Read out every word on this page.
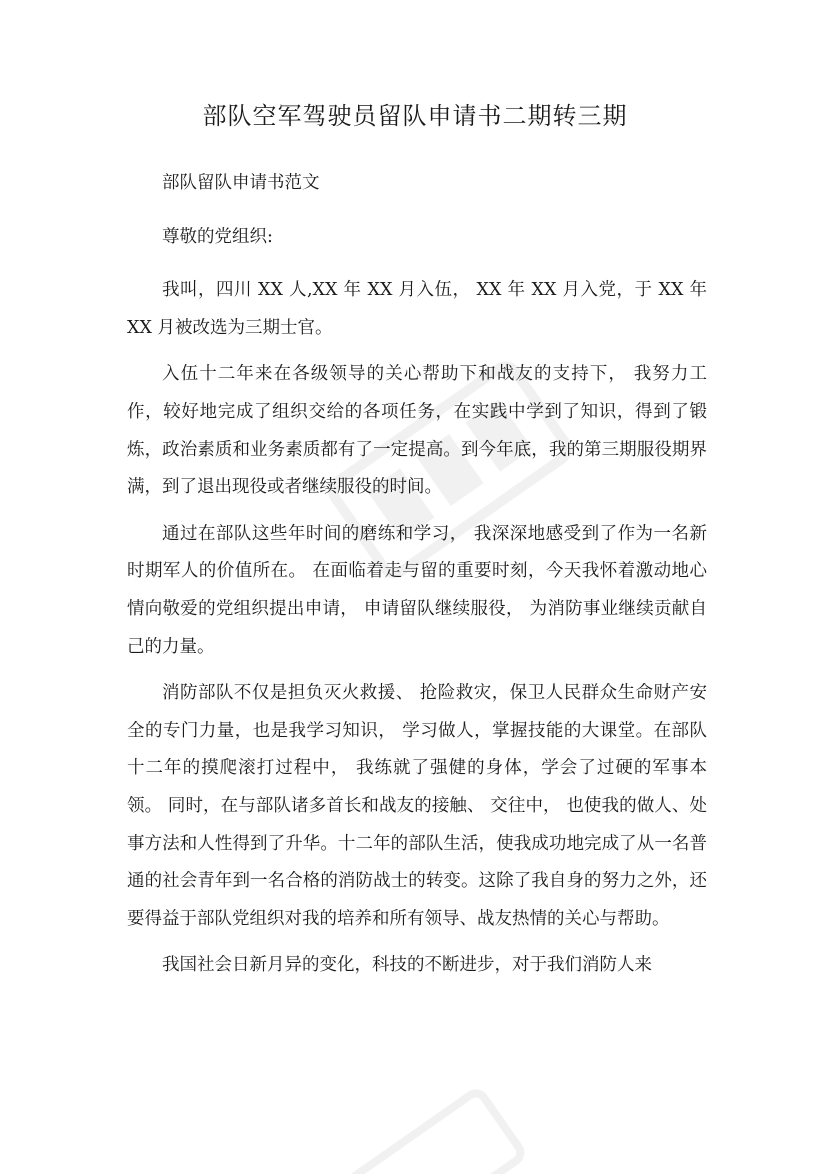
部队空军驾驶员留队申请书二期转三期

部队留队申请书范文

尊敬的党组织:

我叫，四川 XX 人,XX 年 XX 月入伍， XX 年 XX 月入党，于 XX 年 XX 月被改选为三期士官。

入伍十二年来在各级领导的关心帮助下和战友的支持下， 我努力工作，较好地完成了组织交给的各项任务，在实践中学到了知识，得到了锻炼，政治素质和业务素质都有了一定提高。到今年底，我的第三期服役期界满，到了退出现役或者继续服役的时间。

通过在部队这些年时间的磨练和学习， 我深深地感受到了作为一名新时期军人的价值所在。 在面临着走与留的重要时刻，今天我怀着激动地心情向敬爱的党组织提出申请， 申请留队继续服役， 为消防事业继续贡献自己的力量。

消防部队不仅是担负灭火救援、 抢险救灾，保卫人民群众生命财产安全的专门力量，也是我学习知识， 学习做人，掌握技能的大课堂。在部队十二年的摸爬滚打过程中， 我练就了强健的身体，学会了过硬的军事本领。 同时，在与部队诸多首长和战友的接触、 交往中， 也使我的做人、处事方法和人性得到了升华。十二年的部队生活，使我成功地完成了从一名普通的社会青年到一名合格的消防战士的转变。这除了我自身的努力之外，还要得益于部队党组织对我的培养和所有领导、战友热情的关心与帮助。

我国社会日新月异的变化，科技的不断进步，对于我们消防人来
